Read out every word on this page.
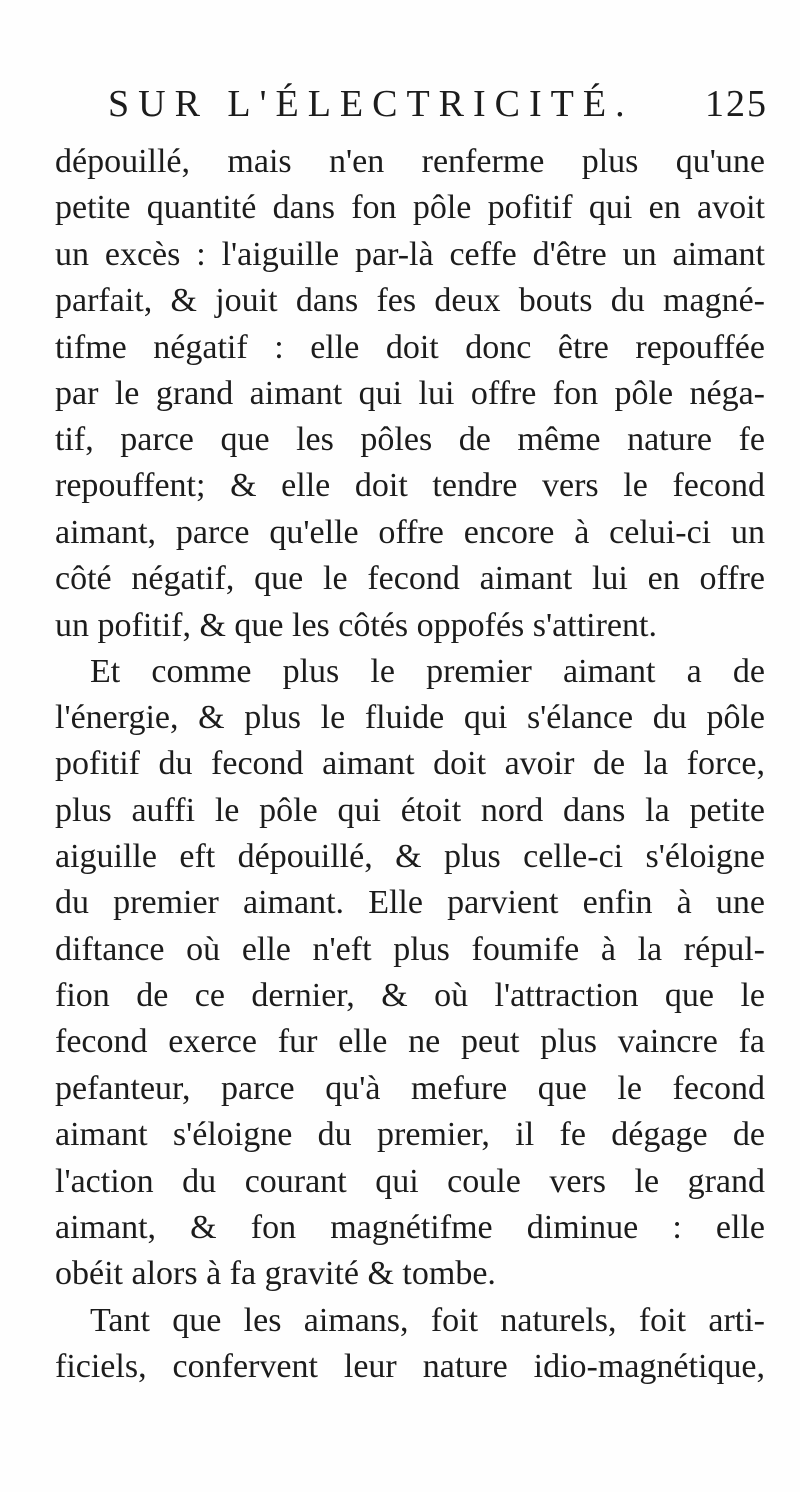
SUR L'ÉLECTRICITÉ. 125
dépouillé, mais n'en renferme plus qu'une
petite quantité dans fon pôle pofitif qui en avoit
un excès : l'aiguille par-là ceffe d'être un aimant
parfait, & jouit dans fes deux bouts du magné-
tifme négatif : elle doit donc être repouffée
par le grand aimant qui lui offre fon pôle néga-
tif, parce que les pôles de même nature fe
repouffent; & elle doit tendre vers le fecond
aimant, parce qu'elle offre encore à celui-ci un
côté négatif, que le fecond aimant lui en offre
un pofitif, & que les côtés oppofés s'attirent.
Et comme plus le premier aimant a de
l'énergie, & plus le fluide qui s'élance du pôle
pofitif du fecond aimant doit avoir de la force,
plus auffi le pôle qui étoit nord dans la petite
aiguille eft dépouillé, & plus celle-ci s'éloigne
du premier aimant. Elle parvient enfin à une
diftance où elle n'eft plus foumife à la répul-
fion de ce dernier, & où l'attraction que le
fecond exerce fur elle ne peut plus vaincre fa
pefanteur, parce qu'à mefure que le fecond
aimant s'éloigne du premier, il fe dégage de
l'action du courant qui coule vers le grand
aimant, & fon magnétifme diminue : elle
obéit alors à fa gravité & tombe.
Tant que les aimans, foit naturels, foit arti-
ficiels, confervent leur nature idio-magnétique,
